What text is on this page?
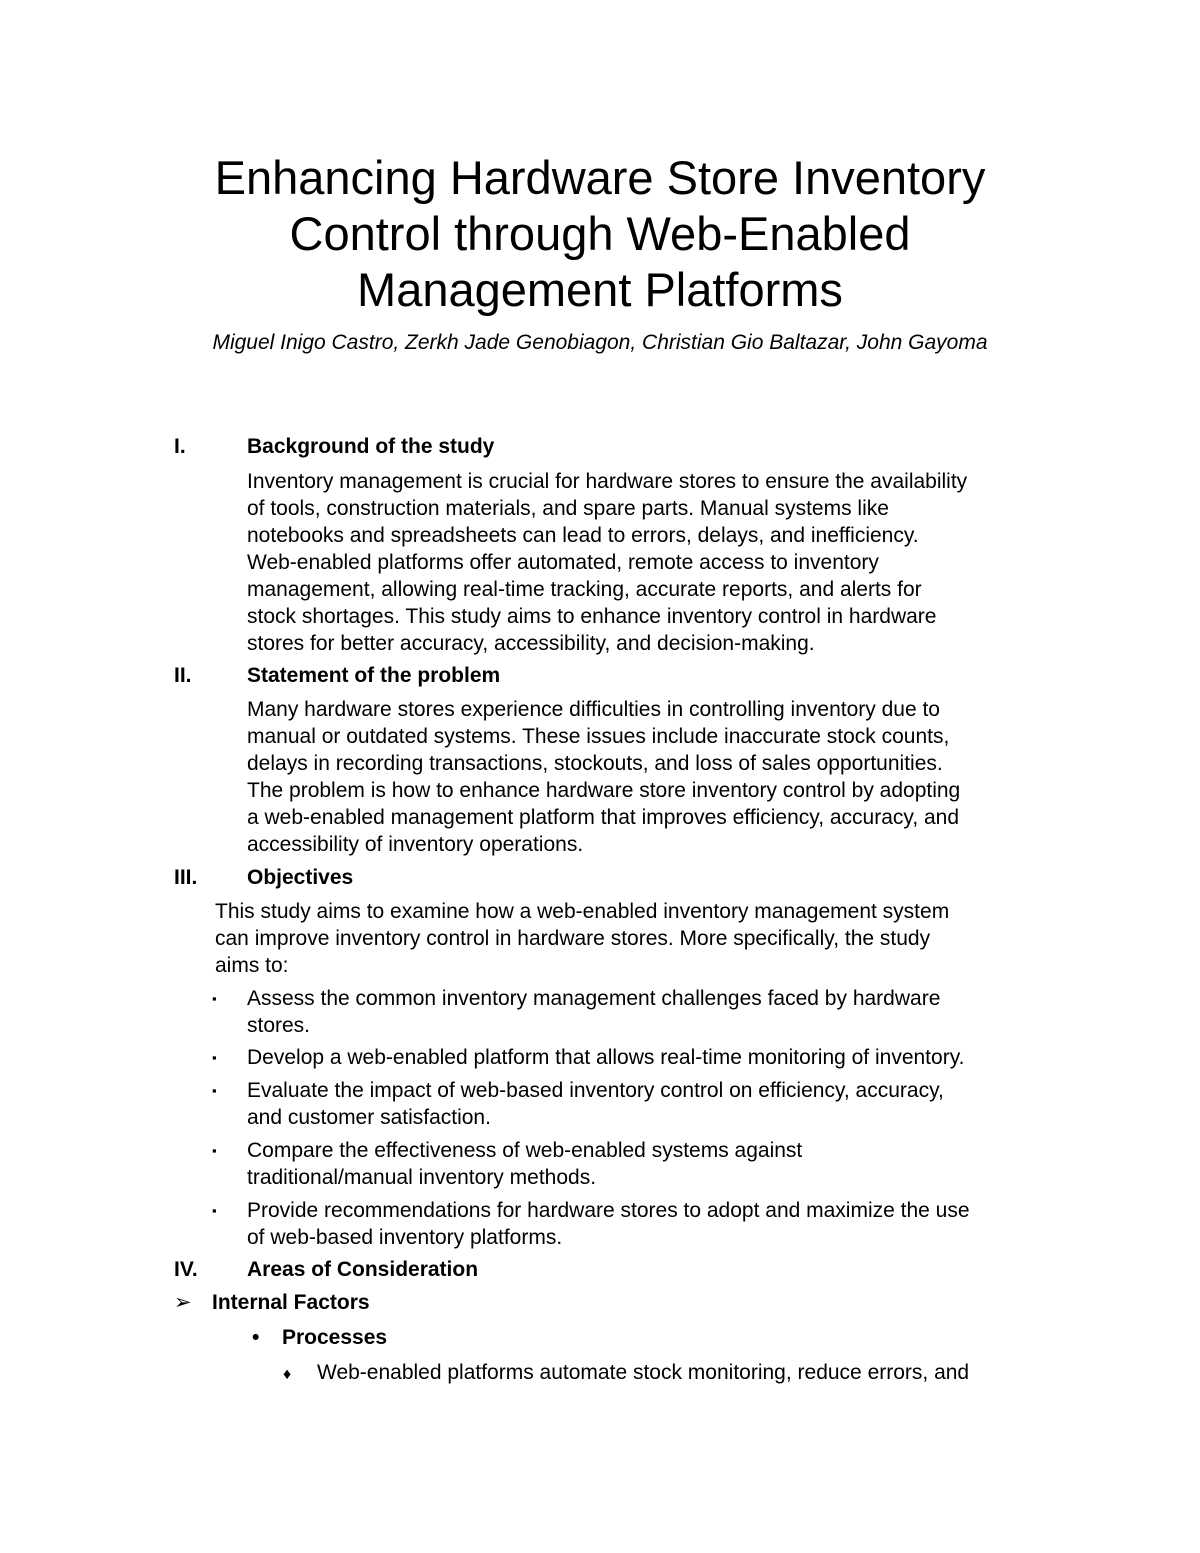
Enhancing Hardware Store Inventory
Control through Web-Enabled
Management Platforms
Miguel Inigo Castro, Zerkh Jade Genobiagon, Christian Gio Baltazar, John Gayoma
I.	Background of the study
Inventory management is crucial for hardware stores to ensure the availability
of tools, construction materials, and spare parts. Manual systems like
notebooks and spreadsheets can lead to errors, delays, and inefficiency.
Web-enabled platforms offer automated, remote access to inventory
management, allowing real-time tracking, accurate reports, and alerts for
stock shortages. This study aims to enhance inventory control in hardware
stores for better accuracy, accessibility, and decision-making.
II.	Statement of the problem
Many hardware stores experience difficulties in controlling inventory due to
manual or outdated systems. These issues include inaccurate stock counts,
delays in recording transactions, stockouts, and loss of sales opportunities.
The problem is how to enhance hardware store inventory control by adopting
a web-enabled management platform that improves efficiency, accuracy, and
accessibility of inventory operations.
III. Objectives
This study aims to examine how a web-enabled inventory management system
can improve inventory control in hardware stores. More specifically, the study
aims to:
▪ Assess the common inventory management challenges faced by hardware
stores.
▪ Develop a web-enabled platform that allows real-time monitoring of inventory.
▪ Evaluate the impact of web-based inventory control on efficiency, accuracy,
and customer satisfaction.
▪ Compare the effectiveness of web-enabled systems against
traditional/manual inventory methods.
▪ Provide recommendations for hardware stores to adopt and maximize the use
of web-based inventory platforms.
IV. Areas of Consideration
➢ Internal Factors
• Processes
♦ Web-enabled platforms automate stock monitoring, reduce errors, and
